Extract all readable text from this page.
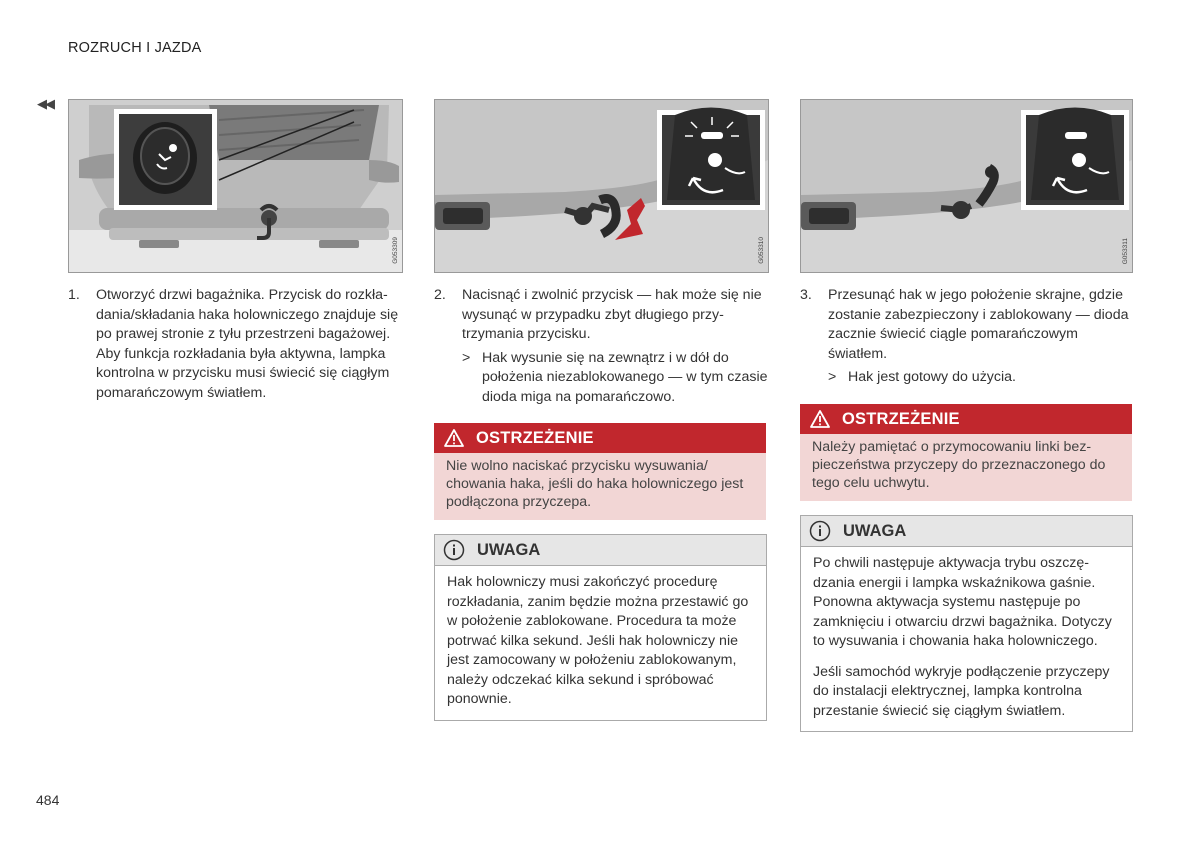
ROZRUCH I JAZDA
◀◀
G053309	G053310	G053311
1. Otworzyć drzwi bagażnika. Przycisk do rozkładania/składania haka holowniczego znajduje się po prawej stronie z tyłu przestrzeni bagażowej. Aby funkcja rozkładania była aktywna, lampka kontrolna w przycisku musi świecić się ciągłym pomarańczowym światłem.
2. Nacisnąć i zwolnić przycisk — hak może się nie wysunąć w przypadku zbyt długiego przytrzymania przycisku.
> Hak wysunie się na zewnątrz i w dół do położenia niezablokowanego — w tym czasie dioda miga na pomarańczowo.
OSTRZEŻENIE
Nie wolno naciskać przycisku wysuwania/ chowania haka, jeśli do haka holowniczego jest podłączona przyczepa.
UWAGA

Hak holowniczy musi zakończyć procedurę rozkładania, zanim będzie można przestawić go w położenie zablokowane. Procedura ta może potrwać kilka sekund. Jeśli hak holowniczy nie jest zamocowany w położeniu zablokowanym, należy odczekać kilka sekund i spróbować ponownie.

3. Przesunąć hak w jego położenie skrajne, gdzie zostanie zabezpieczony i zablokowany — dioda zacznie świecić ciągle pomarańczowym światłem.
> Hak jest gotowy do użycia.
OSTRZEŻENIE
Należy pamiętać o przymocowaniu linki bezpieczeństwa przyczepy do przeznaczonego do tego celu uchwytu.
UWAGA

Po chwili następuje aktywacja trybu oszczędzania energii i lampka wskaźnikowa gaśnie. Ponowna aktywacja systemu następuje po zamknięciu i otwarciu drzwi bagażnika. Dotyczy to wysuwania i chowania haka holowniczego.

Jeśli samochód wykryje podłączenie przyczepy do instalacji elektrycznej, lampka kontrolna przestanie świecić się ciągłym światłem.

484
